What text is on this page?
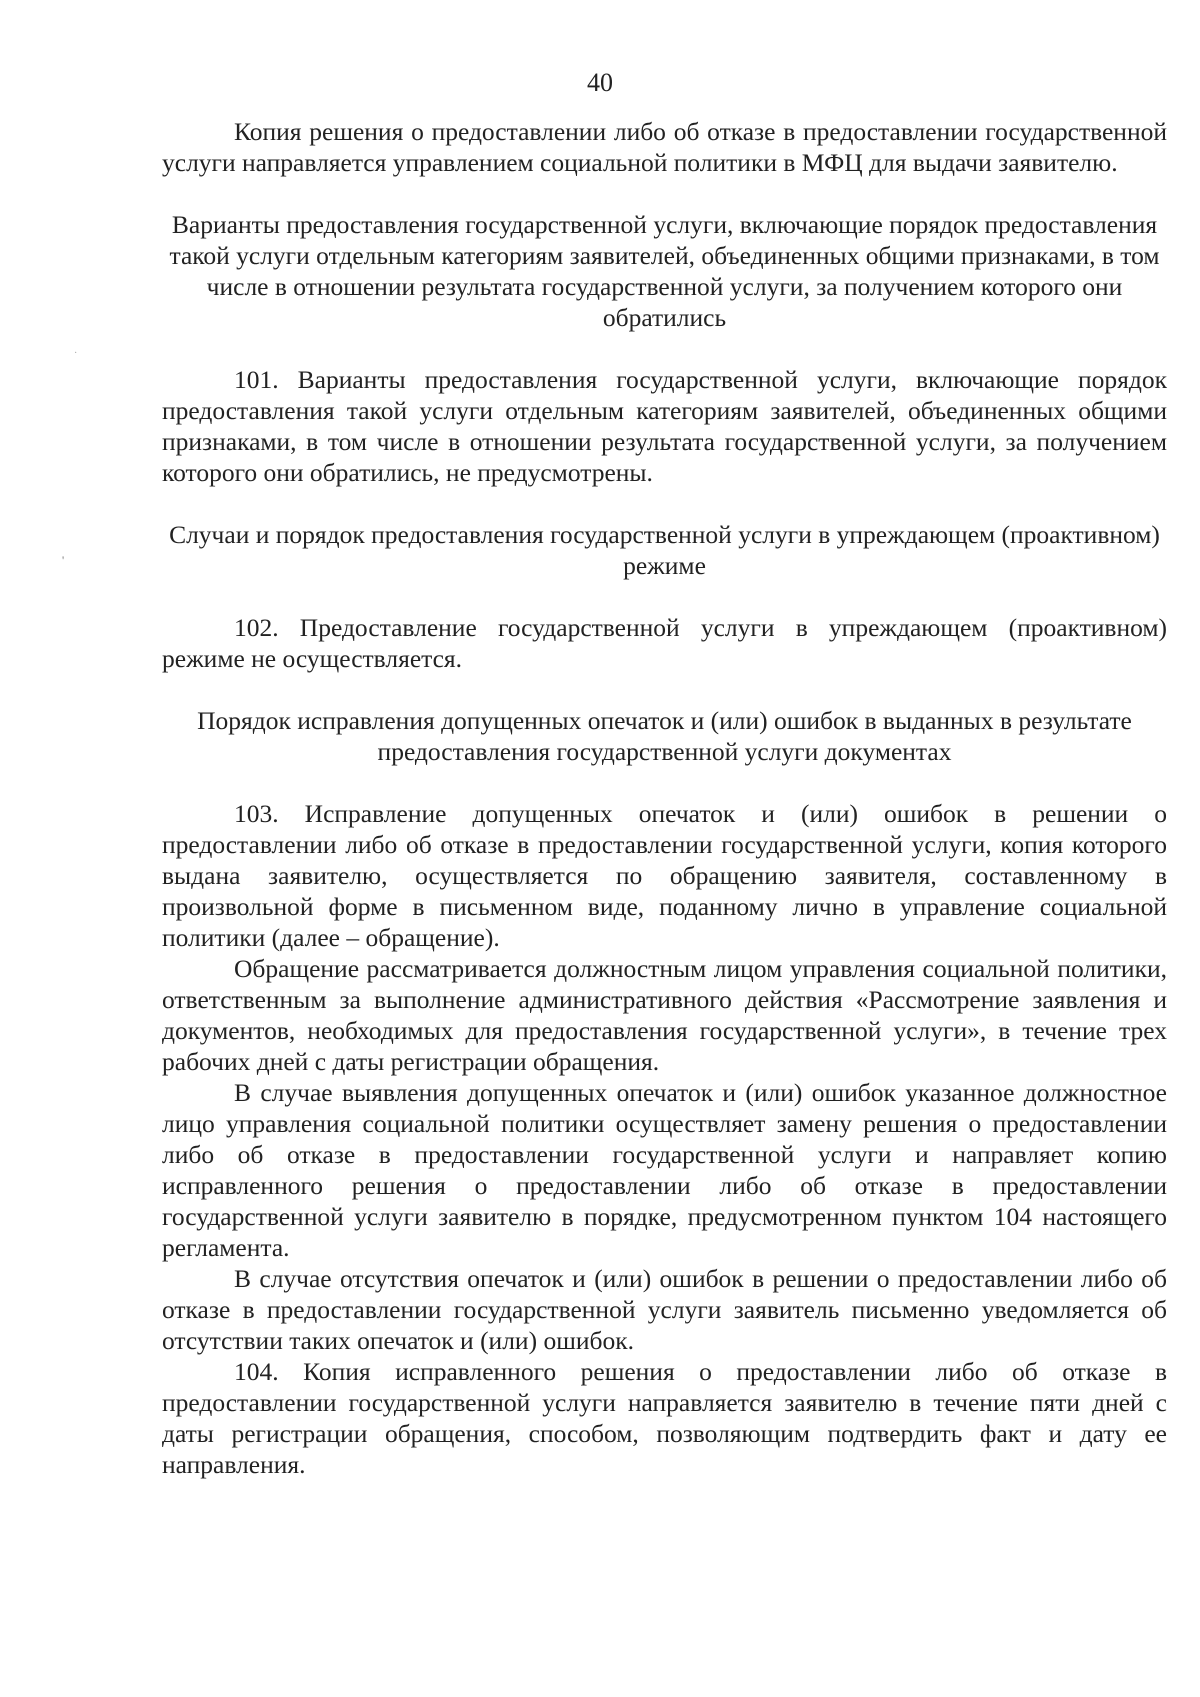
40
·
'

Копия решения о предоставлении либо об отказе в предоставлении государственной услуги направляется управлением социальной политики в МФЦ для выдачи заявителю.

Варианты предоставления государственной услуги, включающие порядок предоставления такой услуги отдельным категориям заявителей, объединенных общими признаками, в том числе в отношении результата государственной услуги, за получением которого они обратились

101. Варианты предоставления государственной услуги, включающие порядок предоставления такой услуги отдельным категориям заявителей, объединенных общими признаками, в том числе в отношении результата государственной услуги, за получением которого они обратились, не предусмотрены.

Случаи и порядок предоставления государственной услуги в упреждающем (проактивном) режиме

102. Предоставление государственной услуги в упреждающем (проактивном) режиме не осуществляется.

Порядок исправления допущенных опечаток и (или) ошибок в выданных в результате предоставления государственной услуги документах

103. Исправление допущенных опечаток и (или) ошибок в решении о предоставлении либо об отказе в предоставлении государственной услуги, копия которого выдана заявителю, осуществляется по обращению заявителя, составленному в произвольной форме в письменном виде, поданному лично в управление социальной политики (далее – обращение).

Обращение рассматривается должностным лицом управления социальной политики, ответственным за выполнение административного действия «Рассмотрение заявления и документов, необходимых для предоставления государственной услуги», в течение трех рабочих дней с даты регистрации обращения.

В случае выявления допущенных опечаток и (или) ошибок указанное должностное лицо управления социальной политики осуществляет замену решения о предоставлении либо об отказе в предоставлении государственной услуги и направляет копию исправленного решения о предоставлении либо об отказе в предоставлении государственной услуги заявителю в порядке, предусмотренном пунктом 104 настоящего регламента.

В случае отсутствия опечаток и (или) ошибок в решении о предоставлении либо об отказе в предоставлении государственной услуги заявитель письменно уведомляется об отсутствии таких опечаток и (или) ошибок.

104. Копия исправленного решения о предоставлении либо об отказе в предоставлении государственной услуги направляется заявителю в течение пяти дней с даты регистрации обращения, способом, позволяющим подтвердить факт и дату ее направления.
